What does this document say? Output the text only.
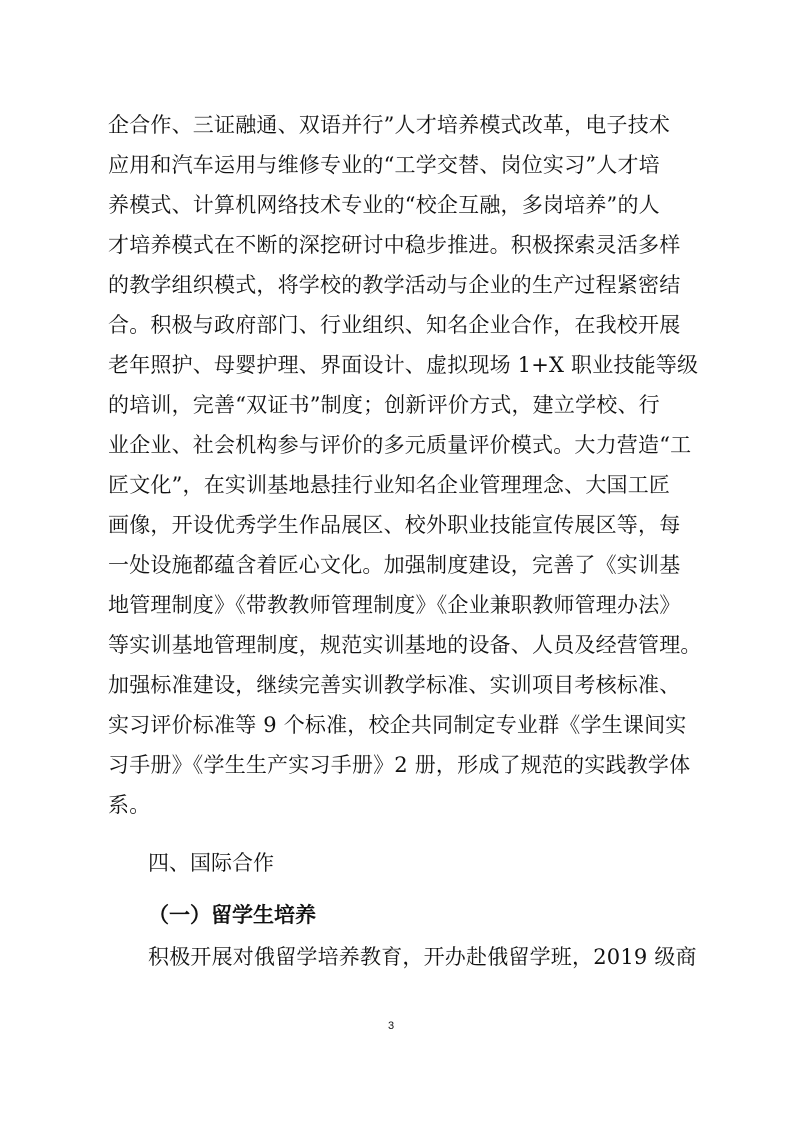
企合作、三证融通、双语并行”人才培养模式改革，电子技术
应用和汽车运用与维修专业的“工学交替、岗位实习”人才培
养模式、计算机网络技术专业的“校企互融，多岗培养”的人
才培养模式在不断的深挖研讨中稳步推进。积极探索灵活多样
的教学组织模式，将学校的教学活动与企业的生产过程紧密结
合。积极与政府部门、行业组织、知名企业合作，在我校开展
老年照护、母婴护理、界面设计、虚拟现场 1+X 职业技能等级
的培训，完善“双证书”制度；创新评价方式，建立学校、行
业企业、社会机构参与评价的多元质量评价模式。大力营造“工
匠文化”，在实训基地悬挂行业知名企业管理理念、大国工匠
画像，开设优秀学生作品展区、校外职业技能宣传展区等，每
一处设施都蕴含着匠心文化。加强制度建设，完善了《实训基
地管理制度》《带教教师管理制度》《企业兼职教师管理办法》
等实训基地管理制度，规范实训基地的设备、人员及经营管理。
加强标准建设，继续完善实训教学标准、实训项目考核标准、
实习评价标准等 9 个标准，校企共同制定专业群《学生课间实
习手册》《学生生产实习手册》2 册，形成了规范的实践教学体
系。
四、国际合作
（一）留学生培养
积极开展对俄留学培养教育，开办赴俄留学班，2019 级商
3
